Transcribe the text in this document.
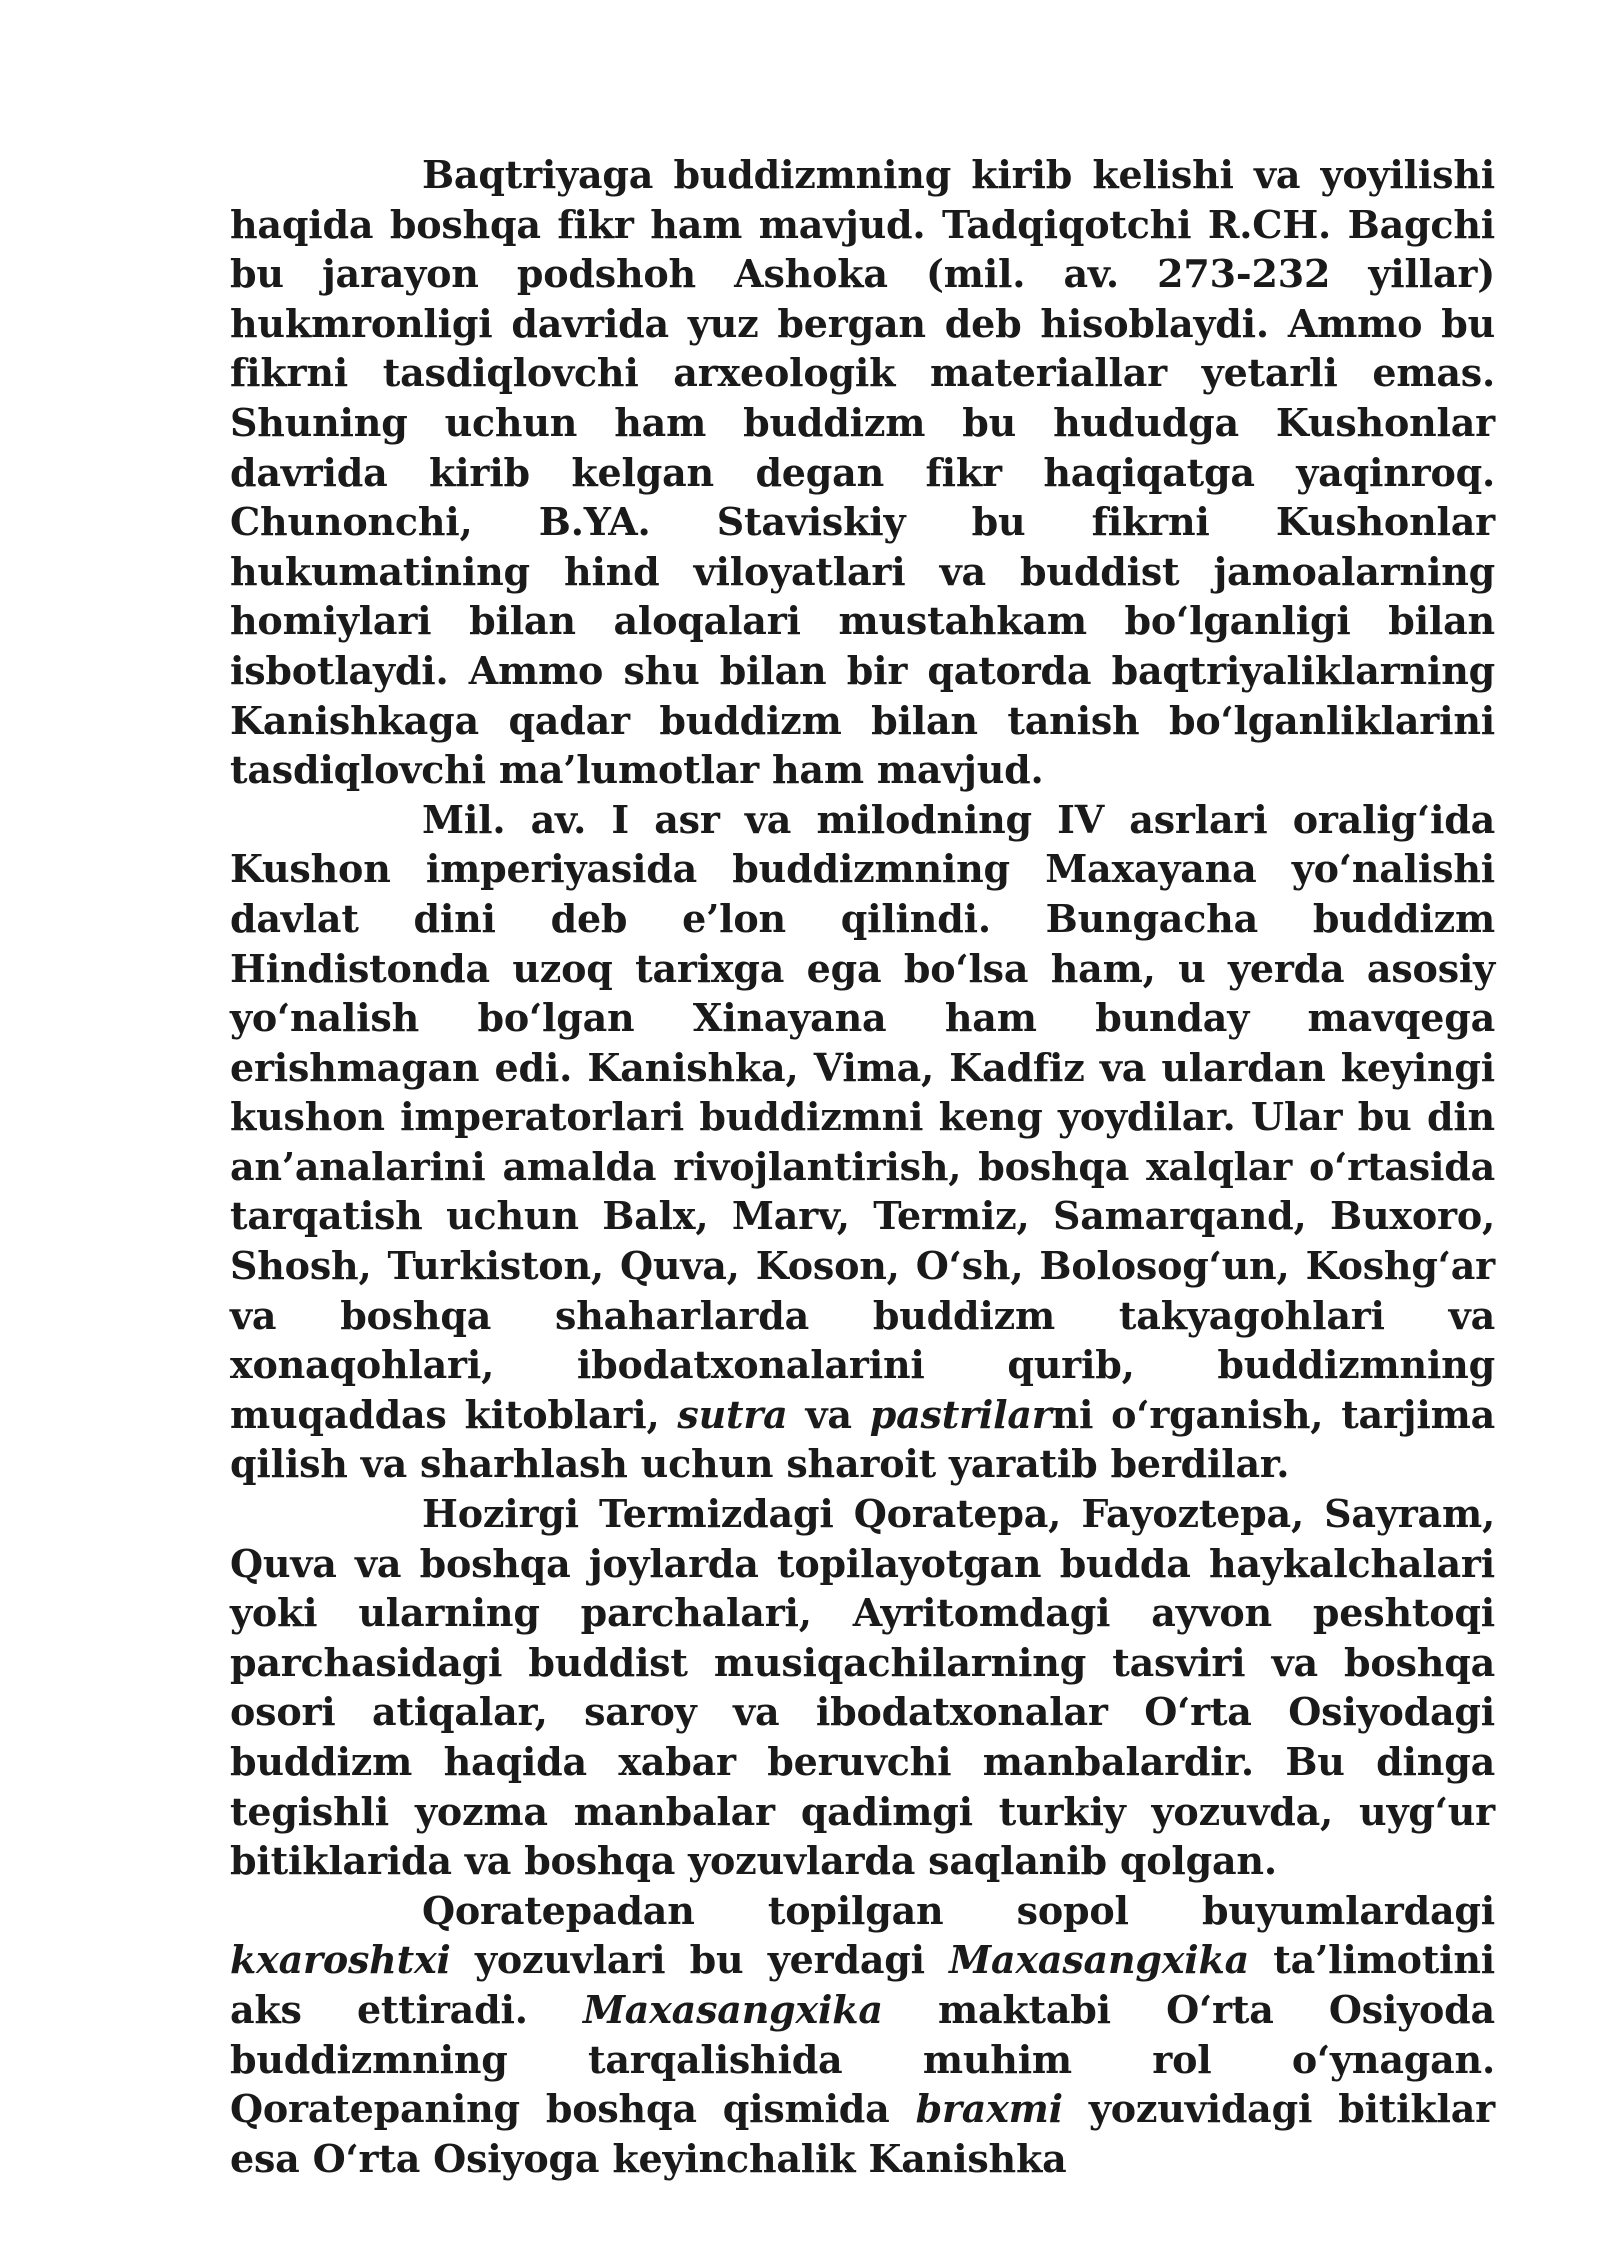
Baqtriyaga buddizmning kirib kelishi va yoyilishi haqida boshqa fikr ham mavjud. Tadqiqotchi R.CH. Bagchi bu jarayon podshoh Ashoka (mil. av. 273-232 yillar) hukmronligi davrida yuz bergan deb hisoblaydi. Ammo bu fikrni tasdiqlovchi arxeologik materiallar yetarli emas. Shuning uchun ham buddizm bu hududga Kushonlar davrida kirib kelgan degan fikr haqiqatga yaqinroq. Chunonchi, B.YA. Staviskiy bu fikrni Kushonlar hukumatining hind viloyatlari va buddist jamoalarning homiylari bilan aloqalari mustahkam bo‘lganligi bilan isbotlaydi. Ammo shu bilan bir qatorda baqtriyaliklarning Kanishkaga qadar buddizm bilan tanish bo‘lganliklarini tasdiqlovchi ma’lumotlar ham mavjud.

Mil. av. I asr va milodning IV asrlari oralig‘ida Kushon imperiyasida buddizmning Maxayana yo‘nalishi davlat dini deb e’lon qilindi. Bungacha buddizm Hindistonda uzoq tarixga ega bo‘lsa ham, u yerda asosiy yo‘nalish bo‘lgan Xinayana ham bunday mavqega erishmagan edi. Kanishka, Vima, Kadfiz va ulardan keyingi kushon imperatorlari buddizmni keng yoydilar. Ular bu din an’analarini amalda rivojlantirish, boshqa xalqlar o‘rtasida tarqatish uchun Balx, Marv, Termiz, Samarqand, Buxoro, Shosh, Turkiston, Quva, Koson, O‘sh, Bolosog‘un, Koshg‘ar va boshqa shaharlarda buddizm takyagohlari va xonaqohlari, ibodatxonalarini qurib, buddizmning muqaddas kitoblari, sutra va pastrilarni o‘rganish, tarjima qilish va sharhlash uchun sharoit yaratib berdilar.

Hozirgi Termizdagi Qoratepa, Fayoztepa, Sayram, Quva va boshqa joylarda topilayotgan budda haykalchalari yoki ularning parchalari, Ayritomdagi ayvon peshtoqi parchasidagi buddist musiqachilarning tasviri va boshqa osori atiqalar, saroy va ibodatxonalar O‘rta Osiyodagi buddizm haqida xabar beruvchi manbalardir. Bu dinga tegishli yozma manbalar qadimgi turkiy yozuvda, uyg‘ur bitiklarida va boshqa yozuvlarda saqlanib qolgan.

Qoratepadan topilgan sopol buyumlardagi kxaroshtxi yozuvlari bu yerdagi Maxasangxika ta’limotini aks ettiradi. Maxasangxika maktabi O‘rta Osiyoda buddizmning tarqalishida muhim rol o‘ynagan. Qoratepaning boshqa qismida braxmi yozuvidagi bitiklar esa O‘rta Osiyoga keyinchalik Kanishka
